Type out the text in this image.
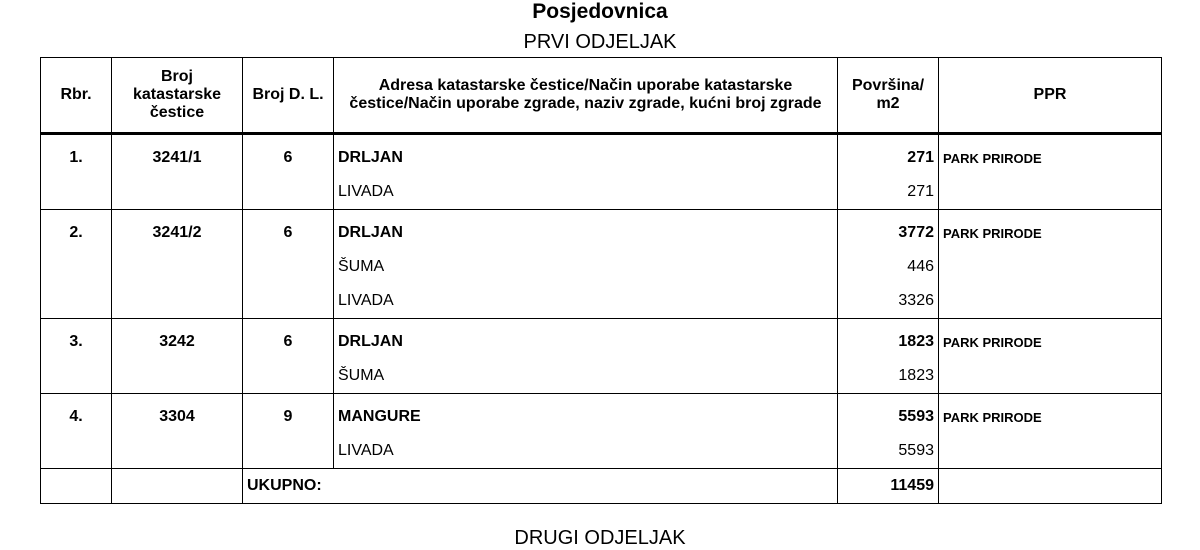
Posjedovnica
PRVI ODJELJAK
Rbr.	Broj katastarske čestice	Broj D. L.	Adresa katastarske čestice/Način uporabe katastarske čestice/Način uporabe zgrade, naziv zgrade, kućni broj zgrade	Površina/ m2	PPR
1.	3241/1	6	DRLJAN	271	PARK PRIRODE
			LIVADA	271	
2.	3241/2	6	DRLJAN	3772	PARK PRIRODE
			ŠUMA	446	
			LIVADA	3326	
3.	3242	6	DRLJAN	1823	PARK PRIRODE
			ŠUMA	1823	
4.	3304	9	MANGURE	5593	PARK PRIRODE
			LIVADA	5593	
		UKUPNO:		11459	
DRUGI ODJELJAK
